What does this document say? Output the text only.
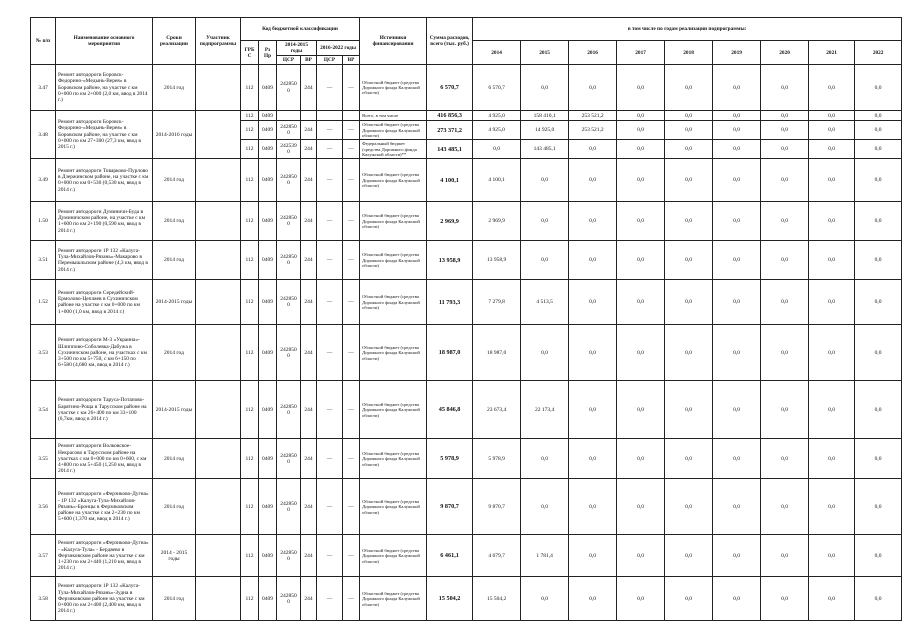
№ п/п	Наименование основного мероприятия	Сроки реализации	Участник подпрограммы	Код бюджетной классификации						Источники финансирования	Сумма расходов, всего (тыс. руб.)	в том числе по годам реализации подпрограммы:								
				ГРБС	Рз Пр	2014-2015 годы		2016-2022 годы				2014	2015	2016	2017	2018	2019	2020	2021	2022
						ЦСР	ВР	ЦСР	ВР											
3.47	Ремонт автодороги Боровск-Федорино-«Медынь-Верея» в Боровском районе, на участке с км 0+000 по км 2+000 (2,0 км, ввод в 2014 г.)	2014 год		112	0409	2428500	244	—	—	Областной бюджет (средства Дорожного фонда Калужской области)	6 570,7	6 570,7	0,0	0,0	0,0	0,0	0,0	0,0	0,0	0,0
3.48	Ремонт автодороги Боровск-Федорино-«Медынь-Верея» в Боровском районе, на участке с км 0+000 по км 27+300 (27,3 км, ввод в 2015 г.)	2014-2016 годы		112	0409					Всего, в том числе	416 856,3	4 925,0	158 410,1	253 521,2	0,0	0,0	0,0	0,0	0,0	0,0
				112	0409	2428500	244	—	—	Областной бюджет (средства Дорожного фонда Калужской области)	273 371,2	4 925,0	14 925,0	253 521,2	0,0	0,0	0,0	0,0	0,0	0,0
				112	0409	2425390	244	—	—	Федеральный бюджет (средства Дорожного фонда Калужской области)**	143 485,1	0,0	143 485,1	0,0	0,0	0,0	0,0	0,0	0,0	0,0
3.49	Ремонт автодороги Товарково-Пурлово в Дзержинском районе, на участке с км 0+000 по км 0+530 (0,530 км, ввод в 2014 г.)	2014 год		112	0409	2428500	244	—	—	Областной бюджет (средства Дорожного фонда Калужской области)	4 100,1	4 100,1	0,0	0,0	0,0	0,0	0,0	0,0	0,0	0,0
1.50	Ремонт автодороги Думиничи-Буда в Думиничском районе, на участке с км 1+600 по км 2+190 (0,590 км, ввод в 2014 г.)	2014 год		112	0409	2428500	244	—	—	Областной бюджет (средства Дорожного фонда Калужской области)	2 969,9	2 969,9	0,0	0,0	0,0	0,0	0,0	0,0	0,0	0,0
3.51	Ремонт автодороги 1Р 132 «Калуга-Тула-Михайлов-Рязань»-Макарово в Перемышльском районе (4,3 км, ввод в 2014 г.)	2014 год		112	0409	2428500	244	—	—	Областной бюджет (средства Дорожного фонда Калужской области)	13 958,9	13 958,9	0,0	0,0	0,0	0,0	0,0	0,0	0,0	0,0
1.52	Ремонт автодороги Середейский-Ермолово-Цепляев в Сухиничском районе на участке с км 0+000 по км 1+000 (1,0 км, ввод в 2014 г.)	2014-2015 годы		112	0409	2428500	244	—	—	Областной бюджет (средства Дорожного фонда Калужской области)	11 793,3	7 279,8	4 513,5	0,0	0,0	0,0	0,0	0,0	0,0	0,0
3.53	Ремонт автодороги М-3 «Украина»-Шлиппово-Соболевка-Дабужа в Сухиничском районе, на участках с км 3+500 по км 5+750, с км 6+150 по 6+580 (4,680 км, ввод в 2014 г.)	2014 год		112	0409	2428500	244	—	—	Областной бюджет (средства Дорожного фонда Калужской области)	18 987,0	18 987,0	0,0	0,0	0,0	0,0	0,0	0,0	0,0	0,0
3.54	Ремонт автодороги Таруса-Потапово-Барятино-Роща в Тарусском районе на участке с км 26+400 по км 33+100 (6,7км, ввод в 2014 г.)	2014-2015 годы		112	0409	2428500	244	—	—	Областной бюджет (средства Дорожного фонда Калужской области)	45 846,8	23 673,4	22 173,4	0,0	0,0	0,0	0,0	0,0	0,0	0,0
3.55	Ремонт автодороги Волковское-Некрасово в Тарусском районе на участках с км 0+000 по км 0+600, с км 4+800 по км 5+450 (1,250 км, ввод в 2014 г.)	2014 год		112	0409	2428500	244	—	—	Областной бюджет (средства Дорожного фонда Калужской области)	5 978,9	5 978,9	0,0	0,0	0,0	0,0	0,0	0,0	0,0	0,0
3.56	Ремонт автодороги «Ферзиково-Дугна» - 1Р 132 «Калуга-Тула-Михайлов-Рязань»-Бронцы в Ферзиковском районе на участке с км 2+230 по км 5+600 (1,370 км, ввод в 2014 г.)	2014 год		112	0409	2428500	244	—	—	Областной бюджет (средства Дорожного фонда Калужской области)	9 870,7	9 870,7	0,0	0,0	0,0	0,0	0,0	0,0	0,0	0,0
3.57	Ремонт автодороги «Ферзиково-Дугна» - «Калуга-Тула» - Бердяево в Ферзиковском районе на участке с км 1+230 по км 2+440 (1,210 км, ввод в 2014 г.)	2014 - 2015 годы		112	0409	2428500	244	—	—	Областной бюджет (средства Дорожного фонда Калужской области)	6 461,1	4 679,7	1 781,4	0,0	0,0	0,0	0,0	0,0	0,0	0,0
3.58	Ремонт автодороги 1Р 132 «Калуга-Тула-Михайлов-Рязань»-Зудна в Ферзиковском районе на участке с км 0+000 по км 2+400 (2,400 км, ввод в 2014 г.)	2014 год		112	0409	2428500	244	—	—	Областной бюджет (средства Дорожного фонда Калужской области)	15 504,2	15 504,2	0,0	0,0	0,0	0,0	0,0	0,0	0,0	0,0
